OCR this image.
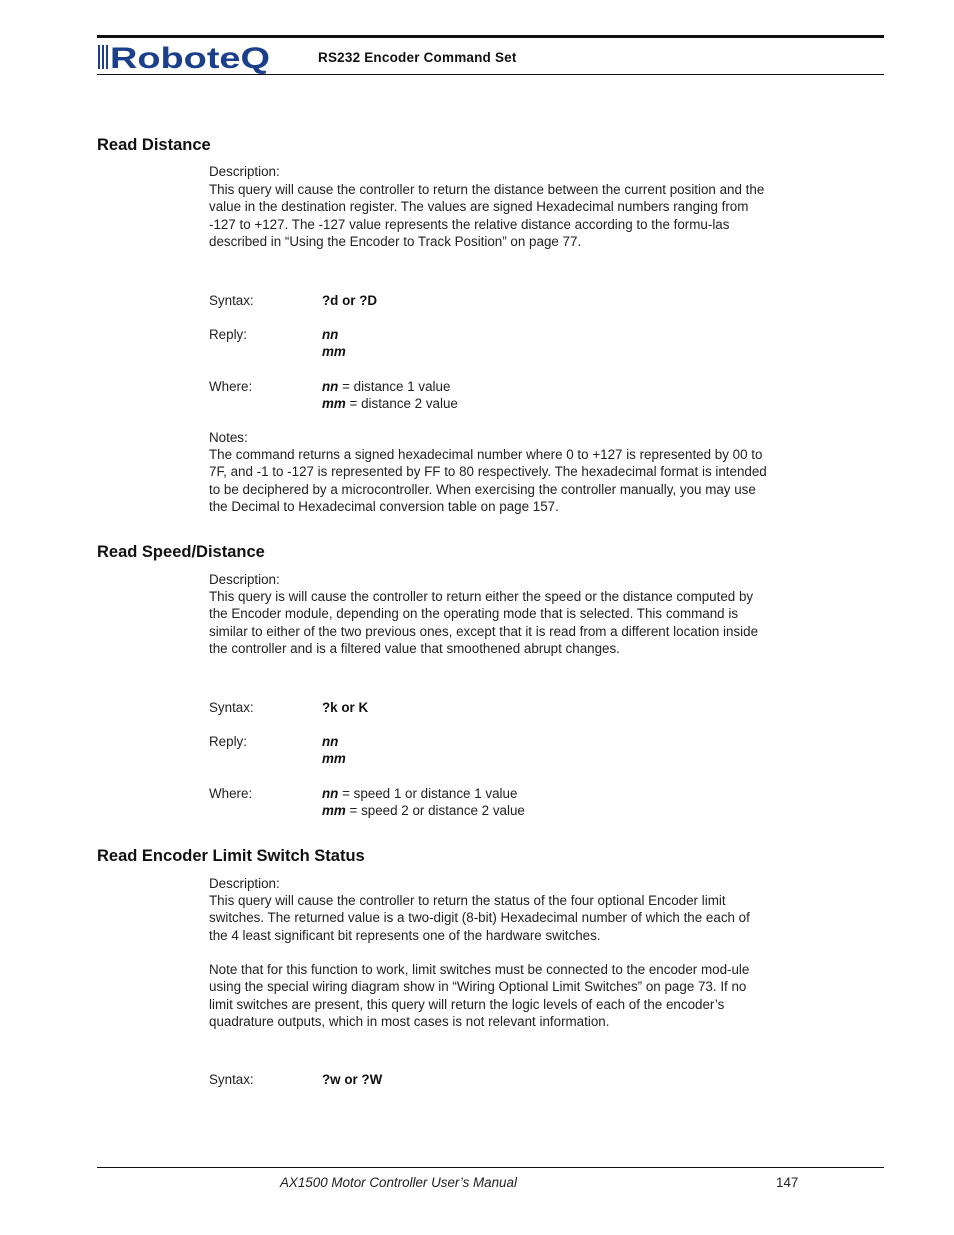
RoboteQ	RS232 Encoder Command Set
Read Distance

Description:

This query will cause the controller to return the distance between the current position and the value in the destination register. The values are signed Hexadecimal numbers ranging from -127 to +127. The -127 value represents the relative distance according to the formu-las described in “Using the Encoder to Track Position” on page 77.

Syntax:	?d or ?D
Reply:	nn
mm
Where:	nn = distance 1 value
mm = distance 2 value

Notes:

The command returns a signed hexadecimal number where 0 to +127 is represented by 00 to 7F, and -1 to -127 is represented by FF to 80 respectively. The hexadecimal format is intended to be deciphered by a microcontroller. When exercising the controller manually, you may use the Decimal to Hexadecimal conversion table on page 157.

Read Speed/Distance

Description:

This query is will cause the controller to return either the speed or the distance computed by the Encoder module, depending on the operating mode that is selected. This command is similar to either of the two previous ones, except that it is read from a different location inside the controller and is a filtered value that smoothened abrupt changes.

Syntax:	?k or K
Reply:	nn
mm
Where:	nn = speed 1 or distance 1 value
mm = speed 2 or distance 2 value
Read Encoder Limit Switch Status

Description:

This query will cause the controller to return the status of the four optional Encoder limit switches. The returned value is a two-digit (8-bit) Hexadecimal number of which the each of the 4 least significant bit represents one of the hardware switches.

Note that for this function to work, limit switches must be connected to the encoder mod-ule using the special wiring diagram show in “Wiring Optional Limit Switches” on page 73. If no limit switches are present, this query will return the logic levels of each of the encoder’s quadrature outputs, which in most cases is not relevant information.

Syntax:	?w or ?W
AX1500 Motor Controller User’s Manual	147
